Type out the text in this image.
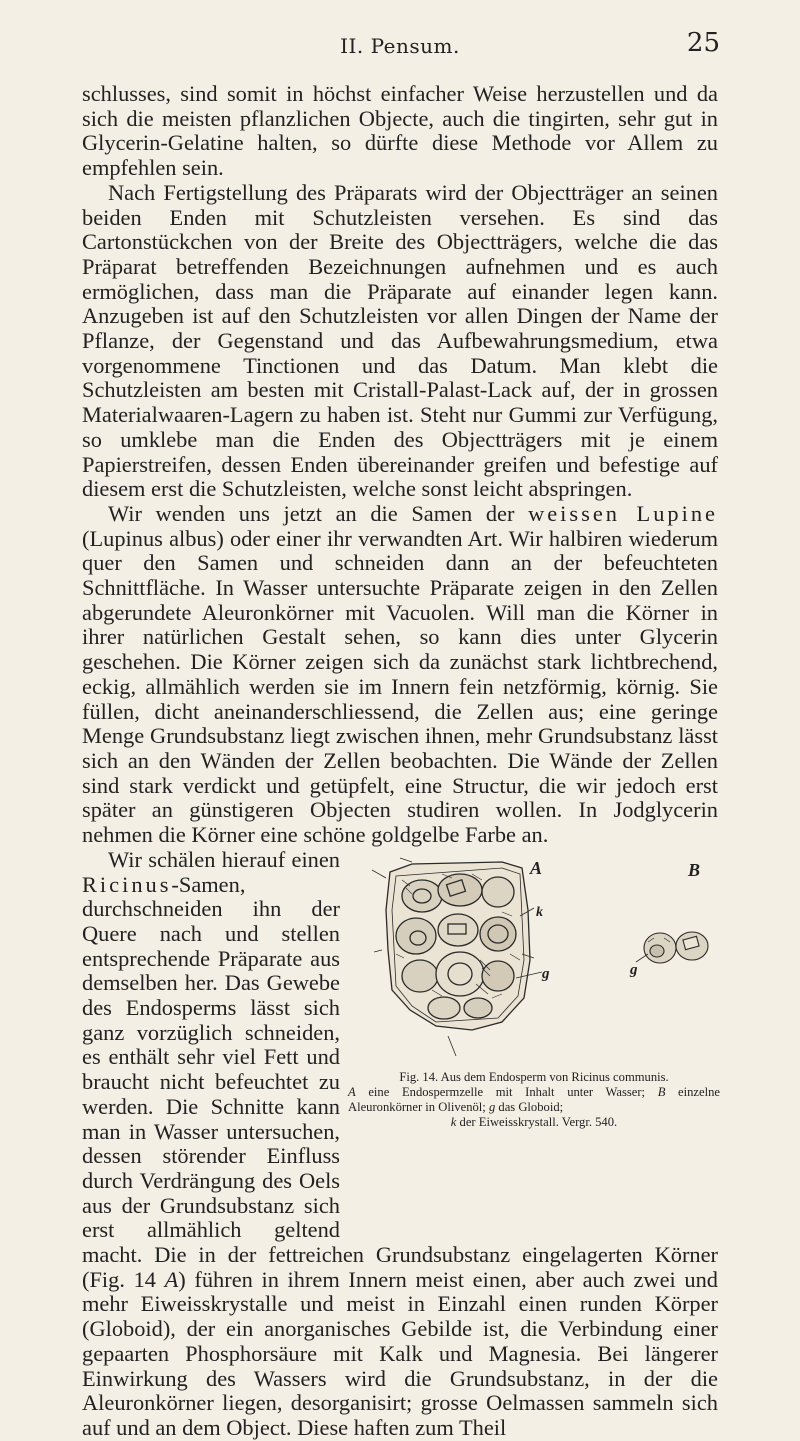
II. Pensum.	25

schlusses, sind somit in höchst einfacher Weise herzustellen und da sich die meisten pflanzlichen Objecte, auch die tingirten, sehr gut in Glycerin-Gelatine halten, so dürfte diese Methode vor Allem zu empfehlen sein.

Nach Fertigstellung des Präparats wird der Objectträger an seinen beiden Enden mit Schutzleisten versehen. Es sind das Cartonstückchen von der Breite des Objectträgers, welche die das Präparat betreffenden Bezeichnungen aufnehmen und es auch ermöglichen, dass man die Präparate auf einander legen kann. Anzugeben ist auf den Schutzleisten vor allen Dingen der Name der Pflanze, der Gegenstand und das Aufbewahrungsmedium, etwa vorgenommene Tinctionen und das Datum. Man klebt die Schutzleisten am besten mit Cristall-Palast-Lack auf, der in grossen Materialwaaren-Lagern zu haben ist. Steht nur Gummi zur Verfügung, so umklebe man die Enden des Objectträgers mit je einem Papierstreifen, dessen Enden übereinander greifen und befestige auf diesem erst die Schutzleisten, welche sonst leicht abspringen.

Wir wenden uns jetzt an die Samen der weissen Lupine (Lupinus albus) oder einer ihr verwandten Art. Wir halbiren wiederum quer den Samen und schneiden dann an der befeuchteten Schnittfläche. In Wasser untersuchte Präparate zeigen in den Zellen abgerundete Aleuronkörner mit Vacuolen. Will man die Körner in ihrer natürlichen Gestalt sehen, so kann dies unter Glycerin geschehen. Die Körner zeigen sich da zunächst stark lichtbrechend, eckig, allmählich werden sie im Innern fein netzförmig, körnig. Sie füllen, dicht aneinanderschliessend, die Zellen aus; eine geringe Menge Grundsubstanz liegt zwischen ihnen, mehr Grundsubstanz lässt sich an den Wänden der Zellen beobachten. Die Wände der Zellen sind stark verdickt und getüpfelt, eine Structur, die wir jedoch erst später an günstigeren Objecten studiren wollen. In Jodglycerin nehmen die Körner eine schöne goldgelbe Farbe an.

A	B
k
g	g
Fig. 14. Aus dem Endosperm von Ricinus communis.
A eine Endospermzelle mit Inhalt unter Wasser; B einzelne Aleuronkörner in Olivenöl; g das Globoid;
k der Eiweisskrystall. Vergr. 540.

Wir schälen hierauf einen Ricinus-Samen, durchschneiden ihn der Quere nach und stellen entsprechende Präparate aus demselben her. Das Gewebe des Endosperms lässt sich ganz vorzüglich schneiden, es enthält sehr viel Fett und braucht nicht befeuchtet zu werden. Die Schnitte kann man in Wasser untersuchen, dessen störender Einfluss durch Verdrängung des Oels aus der Grundsubstanz sich erst allmählich geltend macht. Die in der fettreichen Grundsubstanz eingelagerten Körner (Fig. 14 A) führen in ihrem Innern meist einen, aber auch zwei und mehr Eiweisskrystalle und meist in Einzahl einen runden Körper (Globoid), der ein anorganisches Gebilde ist, die Verbindung einer gepaarten Phosphorsäure mit Kalk und Magnesia. Bei längerer Einwirkung des Wassers wird die Grundsubstanz, in der die Aleuronkörner liegen, desorganisirt; grosse Oelmassen sammeln sich auf und an dem Object. Diese haften zum Theil
